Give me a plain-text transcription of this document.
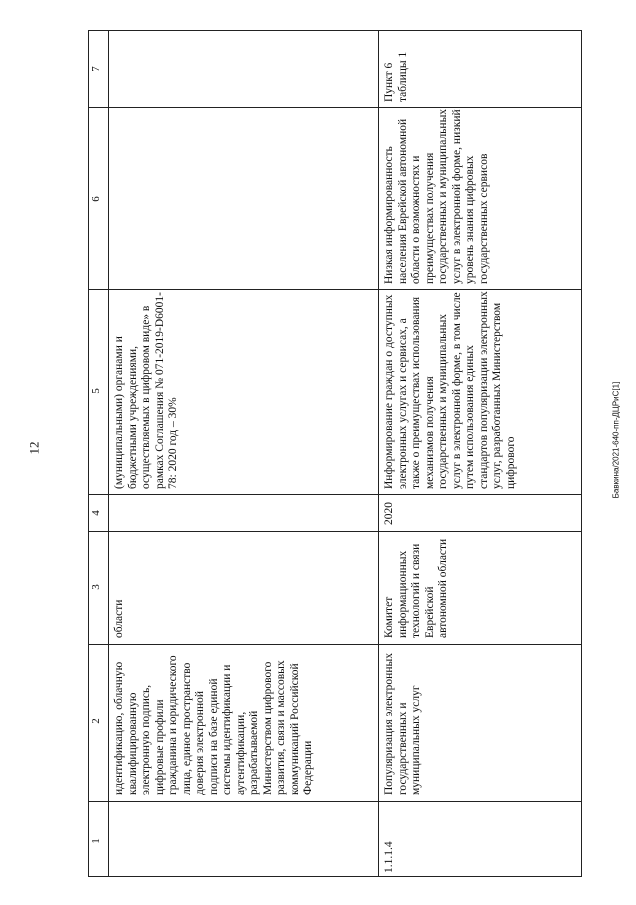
12	Бавкина/2021-640-пп-ДЦРиС[1]
7
6
5
4
3
2
1
идентификацию, облачную квалифицированную электронную подпись, цифровые профили гражданина и юридического лица, единое пространство доверия электронной подписи на базе единой системы идентификации и аутентификации, разрабатываемой Министерством цифрового развития, связи и массовых коммуникаций Российской Федерации
области
(муниципальными) органами и бюджетными учреждениями, осуществляемых в цифровом виде» в рамках Соглашения № 071-2019-D6001-78: 2020 год – 30%
1.1.1.4
Популяризация электронных государственных и муниципальных услуг
Комитет информационных технологий и связи Еврейской автономной области
2020
Информирование граждан о доступных электронных услугах и сервисах, а также о преимуществах использования механизмов получения государственных и муниципальных услуг в электронной форме, в том числе путем использования единых стандартов популяризации электронных услуг, разработанных Министерством цифрового
Низкая информированность населения Еврейской автономной области о возможностях и преимуществах получения государственных и муниципальных услуг в электронной форме, низкий уровень знания цифровых государственных сервисов
Пункт 6 таблицы 1
